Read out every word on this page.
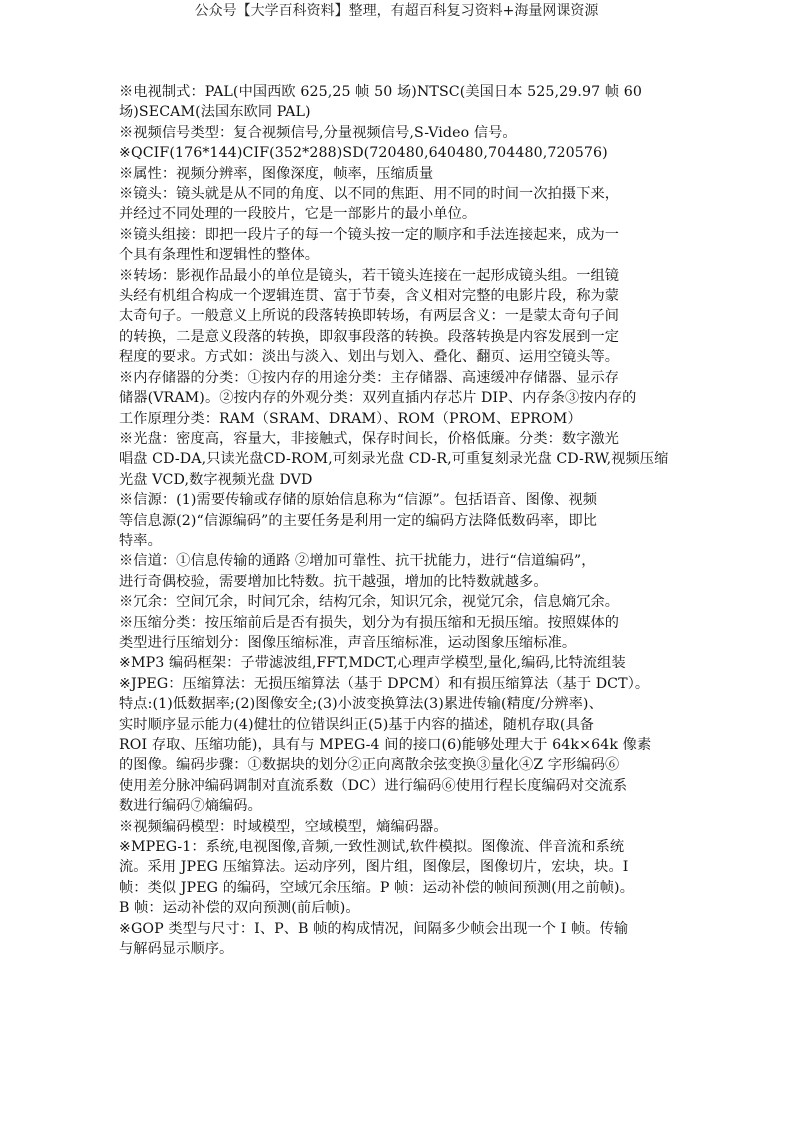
公众号【大学百科资料】整理，有超百科复习资料+海量网课资源

※电视制式：PAL(中国西欧 625,25 帧 50 场)NTSC(美国日本 525,29.97 帧 60
场)SECAM(法国东欧同 PAL)

※视频信号类型：复合视频信号,分量视频信号,S-Video 信号。

※QCIF(176*144)CIF(352*288)SD(720480,640480,704480,720576)

※属性：视频分辨率，图像深度，帧率，压缩质量

※镜头：镜头就是从不同的角度、以不同的焦距、用不同的时间一次拍摄下来，
并经过不同处理的一段胶片，它是一部影片的最小单位。

※镜头组接：即把一段片子的每一个镜头按一定的顺序和手法连接起来，成为一
个具有条理性和逻辑性的整体。

※转场：影视作品最小的单位是镜头，若干镜头连接在一起形成镜头组。一组镜
头经有机组合构成一个逻辑连贯、富于节奏，含义相对完整的电影片段，称为蒙
太奇句子。一般意义上所说的段落转换即转场，有两层含义：一是蒙太奇句子间
的转换，二是意义段落的转换，即叙事段落的转换。段落转换是内容发展到一定
程度的要求。方式如：淡出与淡入、划出与划入、叠化、翻页、运用空镜头等。

※内存储器的分类：①按内存的用途分类：主存储器、高速缓冲存储器、显示存
储器(VRAM)。②按内存的外观分类：双列直插内存芯片 DIP、内存条③按内存的
工作原理分类：RAM（SRAM、DRAM）、ROM（PROM、EPROM）

※光盘：密度高，容量大，非接触式，保存时间长，价格低廉。分类：数字激光
唱盘 CD-DA,只读光盘CD-ROM,可刻录光盘 CD-R,可重复刻录光盘 CD-RW,视频压缩
光盘 VCD,数字视频光盘 DVD

※信源：(1)需要传输或存储的原始信息称为“信源”。包括语音、图像、视频
等信息源(2)“信源编码”的主要任务是利用一定的编码方法降低数码率，即比
特率。

※信道：①信息传输的通路 ②增加可靠性、抗干扰能力，进行“信道编码”，
进行奇偶校验，需要增加比特数。抗干越强，增加的比特数就越多。

※冗余：空间冗余，时间冗余，结构冗余，知识冗余，视觉冗余，信息熵冗余。

※压缩分类：按压缩前后是否有损失，划分为有损压缩和无损压缩。按照媒体的
类型进行压缩划分：图像压缩标准，声音压缩标准，运动图象压缩标准。

※MP3 编码框架：子带滤波组,FFT,MDCT,心理声学模型,量化,编码,比特流组装

※JPEG：压缩算法：无损压缩算法（基于 DPCM）和有损压缩算法（基于 DCT）。
特点:(1)低数据率;(2)图像安全;(3)小波变换算法(3)累进传输(精度/分辨率)、
实时顺序显示能力(4)健壮的位错误纠正(5)基于内容的描述，随机存取(具备
ROI 存取、压缩功能)，具有与 MPEG-4 间的接口(6)能够处理大于 64k×64k 像素
的图像。编码步骤：①数据块的划分②正向离散余弦变换③量化④Z 字形编码⑥
使用差分脉冲编码调制对直流系数（DC）进行编码⑥使用行程长度编码对交流系
数进行编码⑦熵编码。

※视频编码模型：时域模型，空域模型，熵编码器。

※MPEG-1：系统,电视图像,音频,一致性测试,软件模拟。图像流、伴音流和系统
流。采用 JPEG 压缩算法。运动序列，图片组，图像层，图像切片，宏块，块。I
帧：类似 JPEG 的编码，空域冗余压缩。P 帧：运动补偿的帧间预测(用之前帧)。
B 帧：运动补偿的双向预测(前后帧)。

※GOP 类型与尺寸：I、P、B 帧的构成情况，间隔多少帧会出现一个 I 帧。传输
与解码显示顺序。
